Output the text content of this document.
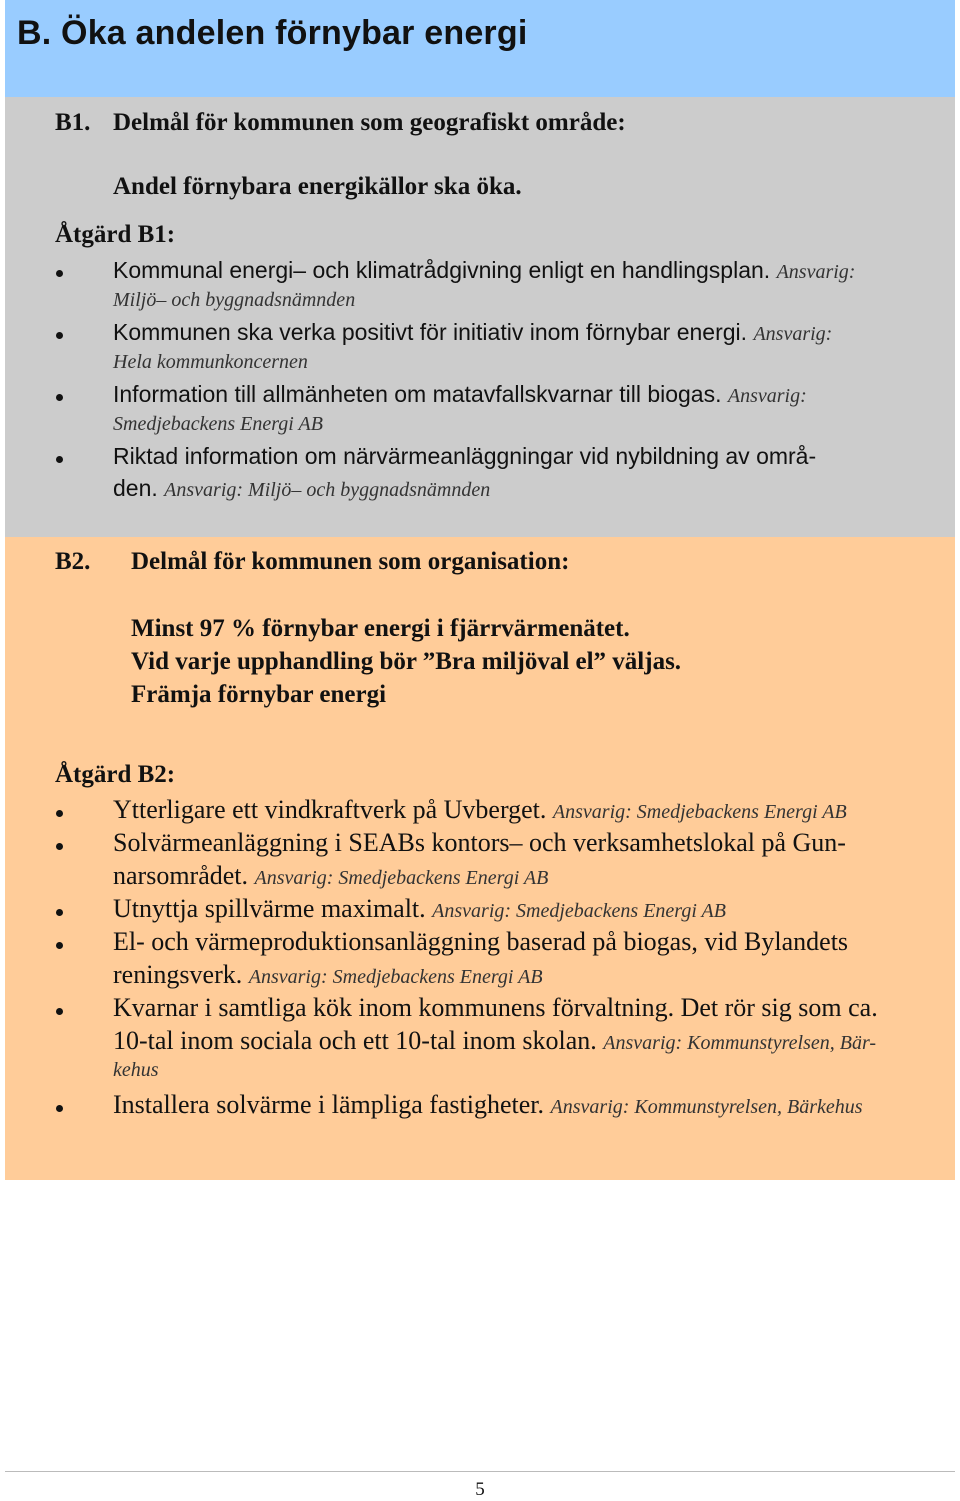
B. Öka andelen förnybar energi
B1. Delmål för kommunen som geografiskt område:
Andel förnybara energikällor ska öka.
Åtgärd B1:
Kommunal energi– och klimatrådgivning enligt en handlingsplan. Ansvarig:
Miljö– och byggnadsnämnden
Kommunen ska verka positivt för initiativ inom förnybar energi. Ansvarig:
Hela kommunkoncernen
Information till allmänheten om matavfallskvarnar till biogas. Ansvarig:
Smedjebackens Energi AB
Riktad information om närvärmeanläggningar vid nybildning av områ-
den. Ansvarig: Miljö– och byggnadsnämnden
B2. Delmål för kommunen som organisation:
Minst 97 % förnybar energi i fjärrvärmenätet.
Vid varje upphandling bör ”Bra miljöval el” väljas.
Främja förnybar energi
Åtgärd B2:
Ytterligare ett vindkraftverk på Uvberget. Ansvarig: Smedjebackens Energi AB
Solvärmeanläggning i SEABs kontors– och verksamhetslokal på Gun-
narsområdet. Ansvarig: Smedjebackens Energi AB
Utnyttja spillvärme maximalt. Ansvarig: Smedjebackens Energi AB
El- och värmeproduktionsanläggning baserad på biogas, vid Bylandets
reningsverk. Ansvarig: Smedjebackens Energi AB
Kvarnar i samtliga kök inom kommunens förvaltning. Det rör sig som ca.
10-tal inom sociala och ett 10-tal inom skolan. Ansvarig: Kommunstyrelsen, Bär-
kehus
Installera solvärme i lämpliga fastigheter. Ansvarig: Kommunstyrelsen, Bärkehus
5
